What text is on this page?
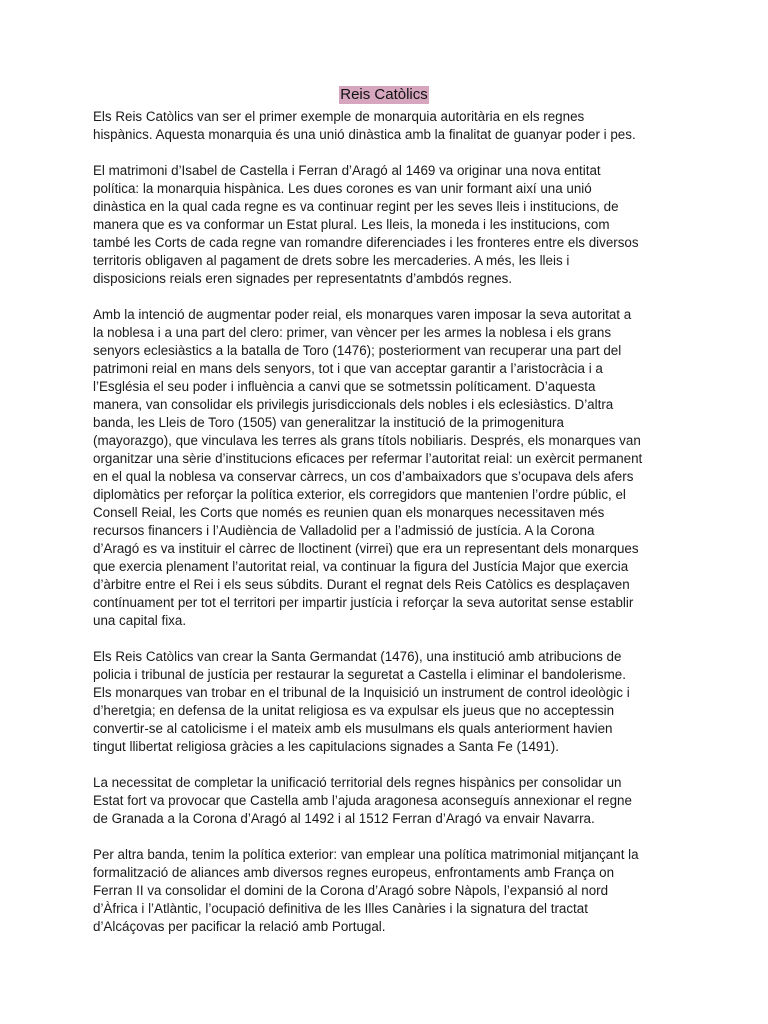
Reis Catòlics

Els Reis Catòlics van ser el primer exemple de monarquia autoritària en els regnes
hispànics. Aquesta monarquia és una unió dinàstica amb la finalitat de guanyar poder i pes.

El matrimoni d’Isabel de Castella i Ferran d’Aragó al 1469 va originar una nova entitat
política: la monarquia hispànica. Les dues corones es van unir formant així una unió
dinàstica en la qual cada regne es va continuar regint per les seves lleis i institucions, de
manera que es va conformar un Estat plural. Les lleis, la moneda i les institucions, com
també les Corts de cada regne van romandre diferenciades i les fronteres entre els diversos
territoris obligaven al pagament de drets sobre les mercaderies. A més, les lleis i
disposicions reials eren signades per representatnts d’ambdós regnes.

Amb la intenció de augmentar poder reial, els monarques varen imposar la seva autoritat a
la noblesa i a una part del clero: primer, van vèncer per les armes la noblesa i els grans
senyors eclesiàstics a la batalla de Toro (1476); posteriorment van recuperar una part del
patrimoni reial en mans dels senyors, tot i que van acceptar garantir a l’aristocràcia i a
l’Església el seu poder i influència a canvi que se sotmetssin políticament. D’aquesta
manera, van consolidar els privilegis jurisdiccionals dels nobles i els eclesiàstics. D’altra
banda, les Lleis de Toro (1505) van generalitzar la institució de la primogenitura
(mayorazgo), que vinculava les terres als grans títols nobiliaris. Després, els monarques van
organitzar una sèrie d’institucions eficaces per refermar l’autoritat reial: un exèrcit permanent
en el qual la noblesa va conservar càrrecs, un cos d’ambaixadors que s’ocupava dels afers
diplomàtics per reforçar la política exterior, els corregidors que mantenien l’ordre públic, el
Consell Reial, les Corts que només es reunien quan els monarques necessitaven més
recursos financers i l’Audiència de Valladolid per a l’admissió de justícia. A la Corona
d’Aragó es va instituir el càrrec de lloctinent (virrei) que era un representant dels monarques
que exercia plenament l’autoritat reial, va continuar la figura del Justícia Major que exercia
d’àrbitre entre el Rei i els seus súbdits. Durant el regnat dels Reis Catòlics es desplaçaven
contínuament per tot el territori per impartir justícia i reforçar la seva autoritat sense establir
una capital fixa.

Els Reis Catòlics van crear la Santa Germandat (1476), una institució amb atribucions de
policia i tribunal de justícia per restaurar la seguretat a Castella i eliminar el bandolerisme.
Els monarques van trobar en el tribunal de la Inquisició un instrument de control ideològic i
d’heretgia; en defensa de la unitat religiosa es va expulsar els jueus que no acceptessin
convertir-se al catolicisme i el mateix amb els musulmans els quals anteriorment havien
tingut llibertat religiosa gràcies a les capitulacions signades a Santa Fe (1491).

La necessitat de completar la unificació territorial dels regnes hispànics per consolidar un
Estat fort va provocar que Castella amb l’ajuda aragonesa aconseguís annexionar el regne
de Granada a la Corona d’Aragó al 1492 i al 1512 Ferran d’Aragó va envair Navarra.

Per altra banda, tenim la política exterior: van emplear una política matrimonial mitjançant la
formalització de aliances amb diversos regnes europeus, enfrontaments amb França on
Ferran II va consolidar el domini de la Corona d’Aragó sobre Nàpols, l’expansió al nord
d’Àfrica i l’Atlàntic, l’ocupació definitiva de les Illes Canàries i la signatura del tractat
d’Alcáçovas per pacificar la relació amb Portugal.
